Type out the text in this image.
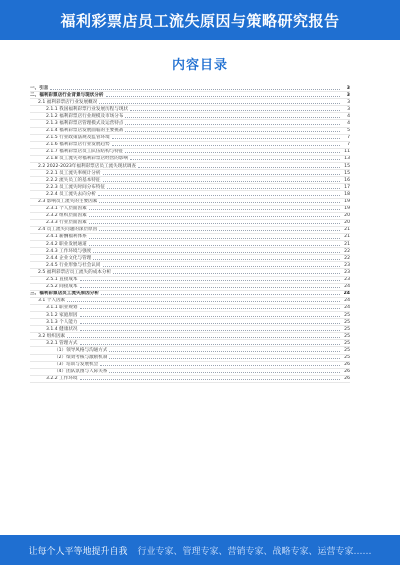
福利彩票店员工流失原因与策略研究报告
内容目录
一、引言	3
二、福利彩票店行业背景与现状分析	3
2.1 福利彩票店行业发展概况	3
2.1.1 我国福利彩票行业发展历程与现状	3
2.1.2 福利彩票店行业规模及市场分布	4
2.1.3 福利彩票店管理模式及运营特点	4
2.1.4 福利彩票店发展面临的主要挑战	5
2.1.5 行业政策法规及监管环境	7
2.1.6 福利彩票店行业发展趋势	7
2.1.7 福利彩票店员工队伍结构与特征	11
2.1.8 员工流失对福利彩票店经营的影响	13
2.2 2022-2023年福利彩票店员工流失现状调查	15
2.2.1 员工流失率统计分析	15
2.2.2 流失员工的基本特征	16
2.2.3 员工流失时间分布特征	17
2.2.4 员工流失去向分析	18
2.3 影响员工流失的主要因素	19
2.3.1 个人层面因素	19
2.3.2 组织层面因素	20
2.3.3 行业层面因素	20
2.4 员工流失问题的深层原因	21
2.4.1 薪酬福利体系	21
2.4.2 职业发展通道	21
2.4.3 工作环境与强度	22
2.4.4 企业文化与管理	22
2.4.5 行业形象与社会认同	23
2.5 福利彩票店员工流失的成本分析	23
2.5.1 直接成本	23
2.5.2 间接成本	24
三、福利彩票店员工流失原因分析	24
3.1 个人因素	24
3.1.1 职业规划	24
3.1.2 家庭原因	25
3.1.3 个人能力	25
3.1.4 健康状况	25
3.2 组织因素	25
3.2.1 管理方式	25
（1）领导风格与沟通方式	25
（2）绩效考核与激励机制	25
（3）培训与发展机会	26
（4）团队氛围与人际关系	26
3.2.2 工作环境	26
让每个人平等地提升自我 行业专家、管理专家、营销专家、战略专家、运营专家……
